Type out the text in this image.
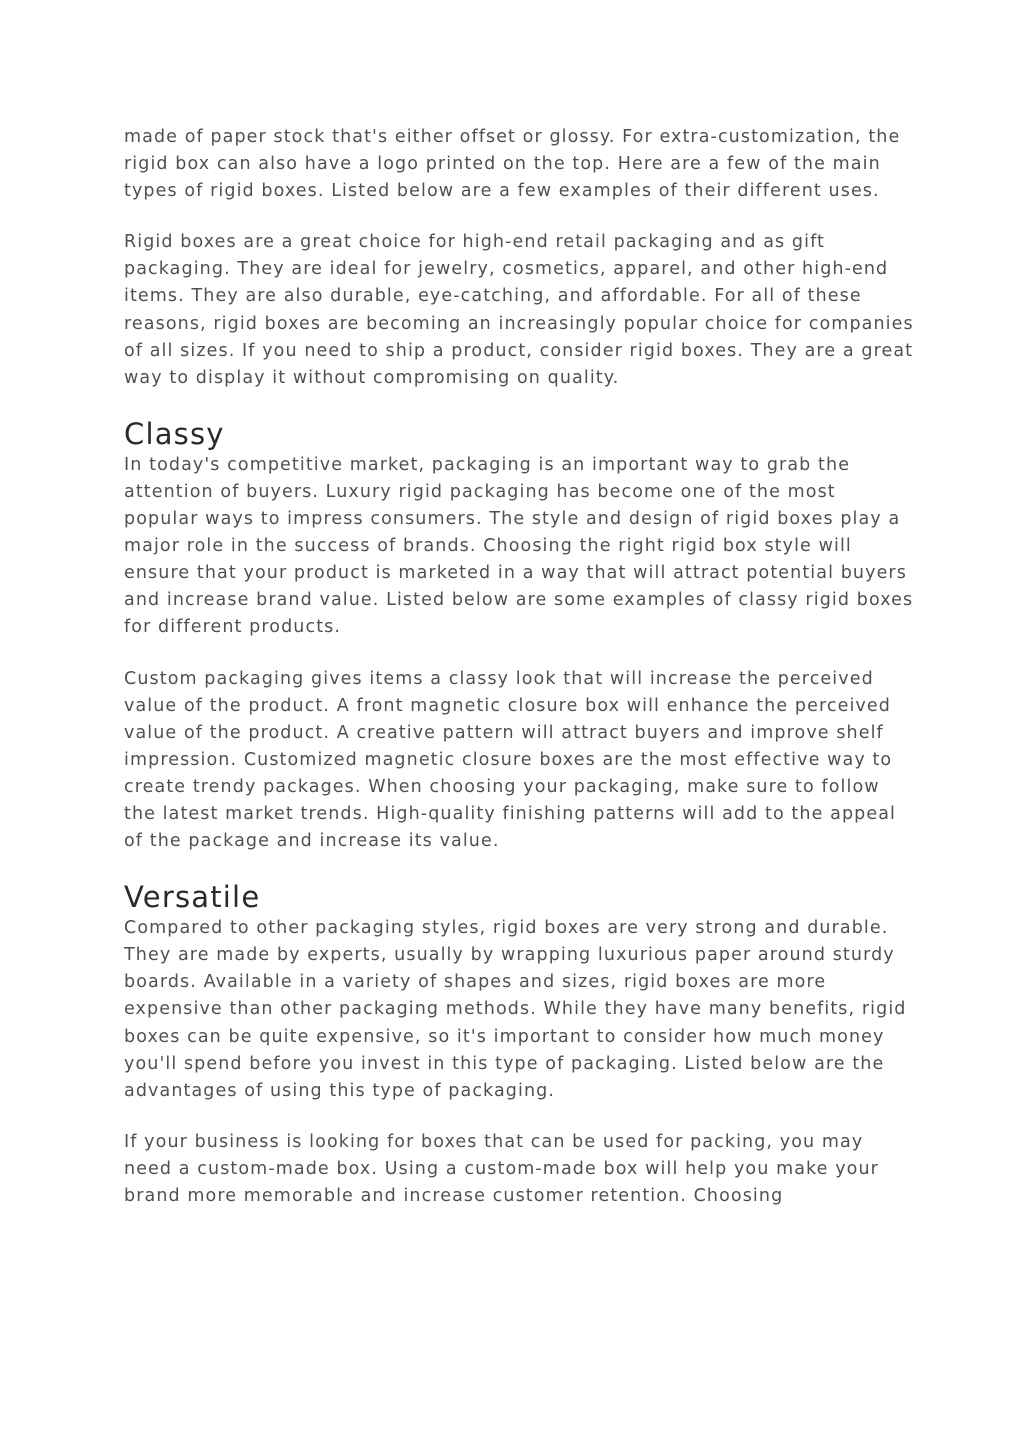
made of paper stock that's either offset or glossy. For extra-customization, the rigid box can also have a logo printed on the top. Here are a few of the main types of rigid boxes. Listed below are a few examples of their different uses.

Rigid boxes are a great choice for high-end retail packaging and as gift packaging. They are ideal for jewelry, cosmetics, apparel, and other high-end items. They are also durable, eye-catching, and affordable. For all of these reasons, rigid boxes are becoming an increasingly popular choice for companies of all sizes. If you need to ship a product, consider rigid boxes. They are a great way to display it without compromising on quality.

Classy

In today's competitive market, packaging is an important way to grab the attention of buyers. Luxury rigid packaging has become one of the most popular ways to impress consumers. The style and design of rigid boxes play a major role in the success of brands. Choosing the right rigid box style will ensure that your product is marketed in a way that will attract potential buyers and increase brand value. Listed below are some examples of classy rigid boxes for different products.

Custom packaging gives items a classy look that will increase the perceived value of the product. A front magnetic closure box will enhance the perceived value of the product. A creative pattern will attract buyers and improve shelf impression. Customized magnetic closure boxes are the most effective way to create trendy packages. When choosing your packaging, make sure to follow the latest market trends. High-quality finishing patterns will add to the appeal of the package and increase its value.

Versatile

Compared to other packaging styles, rigid boxes are very strong and durable. They are made by experts, usually by wrapping luxurious paper around sturdy boards. Available in a variety of shapes and sizes, rigid boxes are more expensive than other packaging methods. While they have many benefits, rigid boxes can be quite expensive, so it's important to consider how much money you'll spend before you invest in this type of packaging. Listed below are the advantages of using this type of packaging.

If your business is looking for boxes that can be used for packing, you may need a custom-made box. Using a custom-made box will help you make your brand more memorable and increase customer retention. Choosing
